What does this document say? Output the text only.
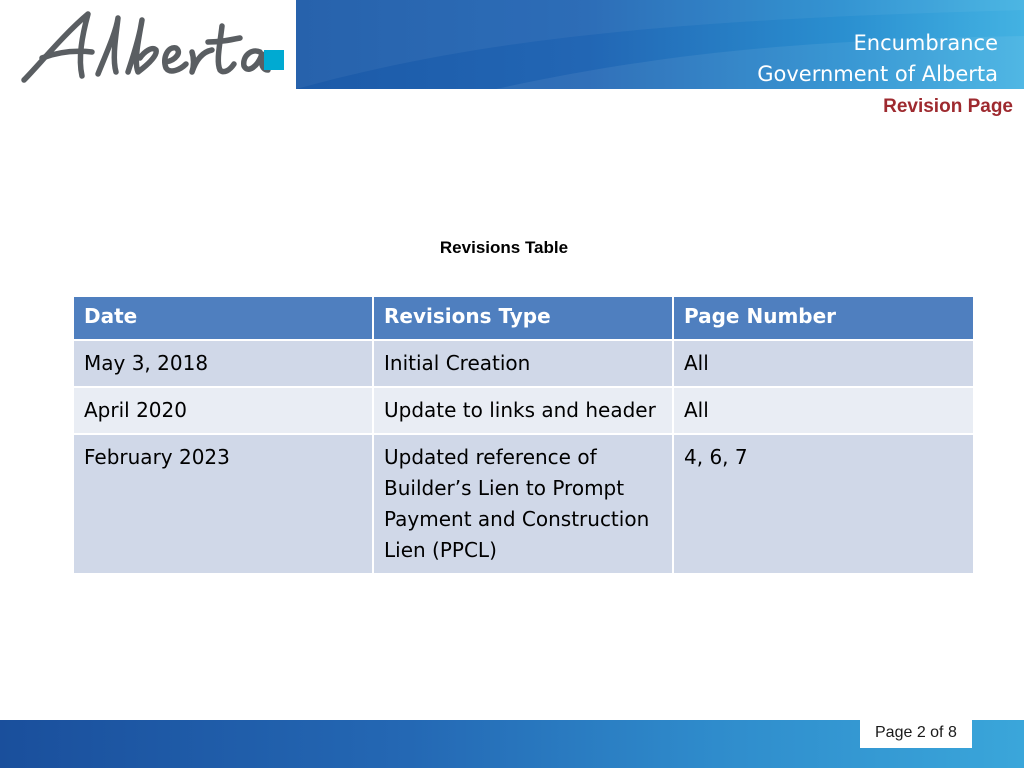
Encumbrance
Government of Alberta
Revision Page
Revisions Table
Date	Revisions Type	Page Number
May 3, 2018	Initial Creation	All
April 2020	Update to links and header	All
February 2023	Updated reference of Builder’s Lien to Prompt Payment and Construction Lien (PPCL)	4, 6, 7
Page 2 of 8
